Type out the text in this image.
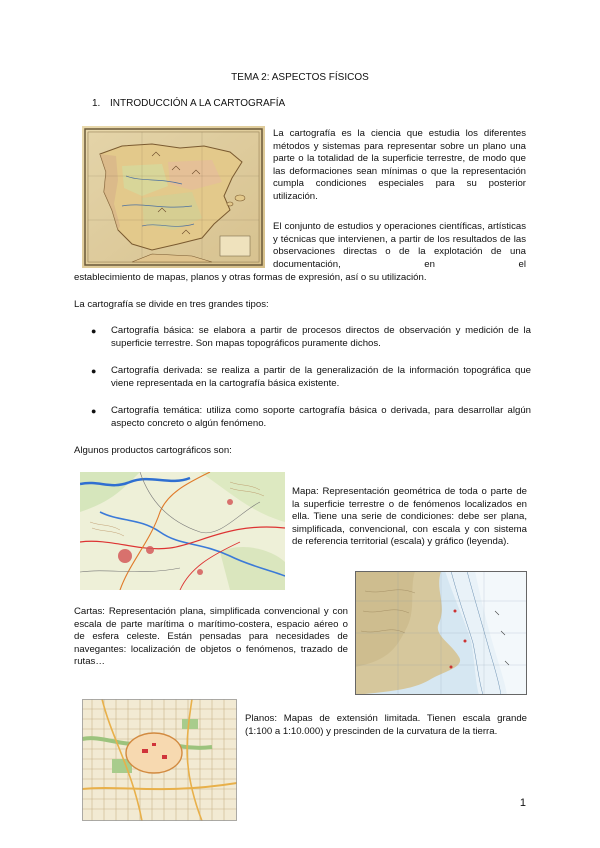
TEMA 2: ASPECTOS FÍSICOS
1. INTRODUCCIÓN A LA CARTOGRAFÍA
La cartografía es la ciencia que estudia los diferentes métodos y sistemas para representar sobre un plano una parte o la totalidad de la superficie terrestre, de modo que las deformaciones sean mínimas o que la representación cumpla condiciones especiales para su posterior utilización.
El conjunto de estudios y operaciones científicas, artísticas y técnicas que intervienen, a partir de los resultados de las observaciones directas o de la explotación de una documentación, en el
establecimiento de mapas, planos y otras formas de expresión, así o su utilización.
La cartografía se divide en tres grandes tipos:
● Cartografía básica: se elabora a partir de procesos directos de observación y medición de la superficie terrestre. Son mapas topográficos puramente dichos.
● Cartografía derivada: se realiza a partir de la generalización de la información topográfica que viene representada en la cartografía básica existente.
● Cartografía temática: utiliza como soporte cartografía básica o derivada, para desarrollar algún aspecto concreto o algún fenómeno.
Algunos productos cartográficos son:
Mapa: Representación geométrica de toda o parte de la superficie terrestre o de fenómenos localizados en ella. Tiene una serie de condiciones: debe ser plana, simplificada, convencional, con escala y con sistema de referencia territorial (escala) y gráfico (leyenda).
Cartas: Representación plana, simplificada convencional y con escala de parte marítima o marítimo-costera, espacio aéreo o de esfera celeste. Están pensadas para necesidades de navegantes: localización de objetos o fenómenos, trazado de rutas…
Planos: Mapas de extensión limitada. Tienen escala grande (1:100 a 1:10.000) y prescinden de la curvatura de la tierra.
1
